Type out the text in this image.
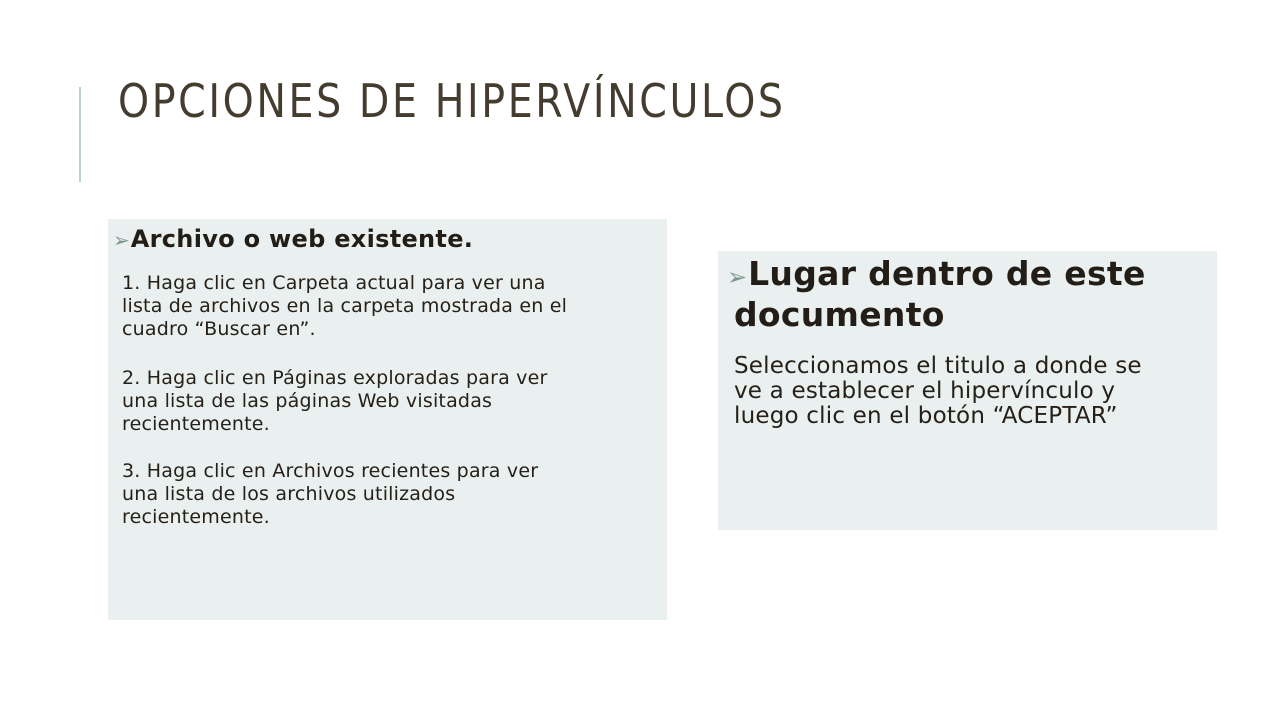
OPCIONES DE HIPERVÍNCULOS
➢ Archivo o web existente.
1. Haga clic en Carpeta actual para ver una
lista de archivos en la carpeta mostrada en el
cuadro “Buscar en”.
2. Haga clic en Páginas exploradas para ver
una lista de las páginas Web visitadas
recientemente.
3. Haga clic en Archivos recientes para ver
una lista de los archivos utilizados
recientemente.
➢ Lugar dentro de este
documento
Seleccionamos el titulo a donde se
ve a establecer el hipervínculo y
luego clic en el botón “ACEPTAR”
